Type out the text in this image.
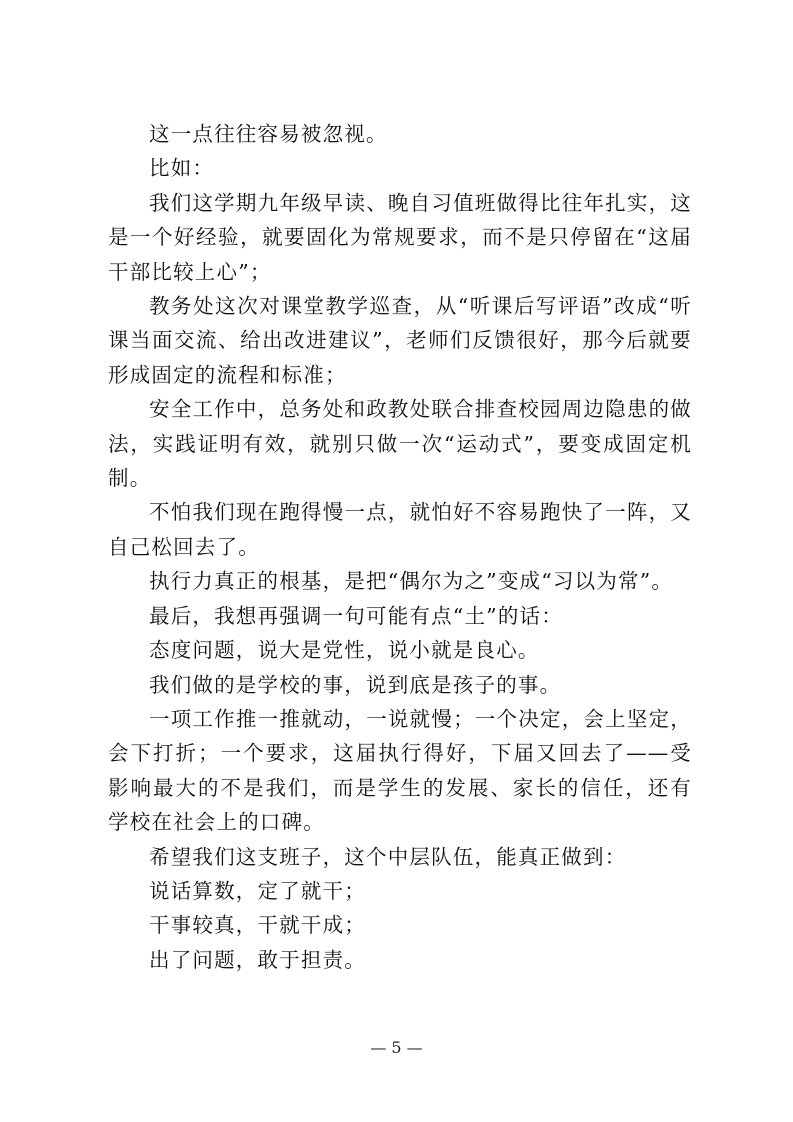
这一点往往容易被忽视。

比如：

我们这学期九年级早读、晚自习值班做得比往年扎实，这是一个好经验，就要固化为常规要求，而不是只停留在“这届干部比较上心”；

教务处这次对课堂教学巡查，从“听课后写评语”改成“听课当面交流、给出改进建议”，老师们反馈很好，那今后就要形成固定的流程和标准；

安全工作中，总务处和政教处联合排查校园周边隐患的做法，实践证明有效，就别只做一次“运动式”，要变成固定机制。

不怕我们现在跑得慢一点，就怕好不容易跑快了一阵，又自己松回去了。

执行力真正的根基，是把“偶尔为之”变成“习以为常”。

最后，我想再强调一句可能有点“土”的话：

态度问题，说大是党性，说小就是良心。

我们做的是学校的事，说到底是孩子的事。

一项工作推一推就动，一说就慢；一个决定，会上坚定，会下打折；一个要求，这届执行得好，下届又回去了——受影响最大的不是我们，而是学生的发展、家长的信任，还有学校在社会上的口碑。

希望我们这支班子，这个中层队伍，能真正做到：

说话算数，定了就干；

干事较真，干就干成；

出了问题，敢于担责。

— 5 —
